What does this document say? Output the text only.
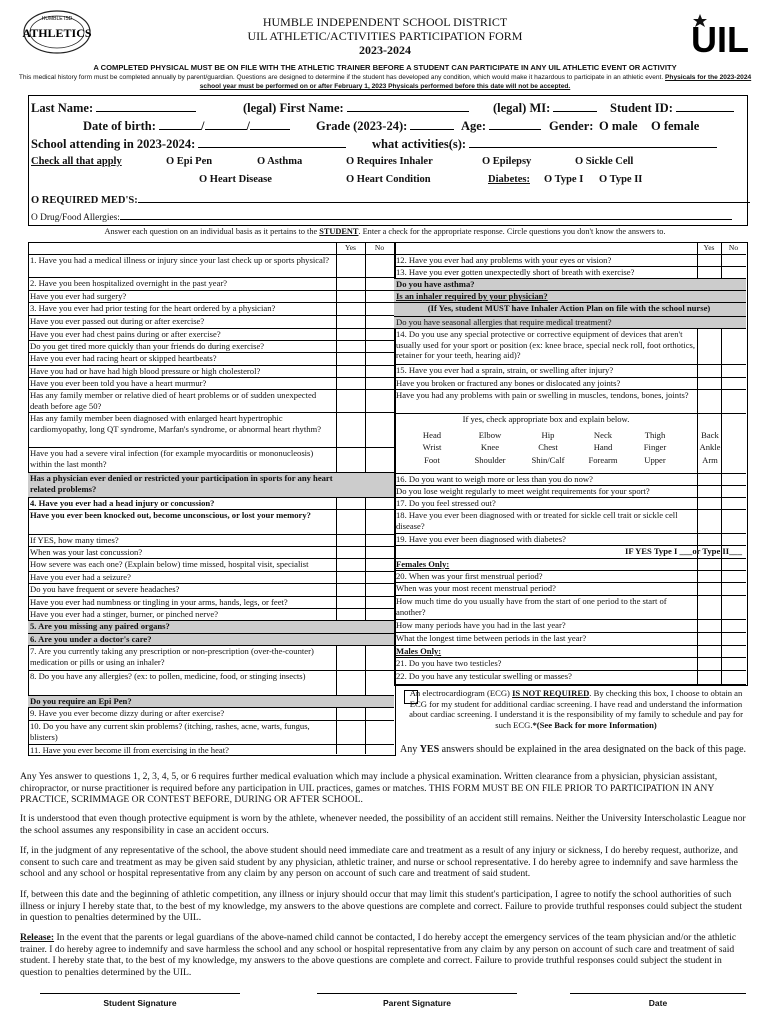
HUMBLE ISD
ATHLETICS	UIL
HUMBLE INDEPENDENT SCHOOL DISTRICT
UIL ATHLETIC/ACTIVITIES PARTICIPATION FORM
2023-2024
A COMPLETED PHYSICAL MUST BE ON FILE WITH THE ATHLETIC TRAINER BEFORE A STUDENT CAN PARTICIPATE IN ANY UIL ATHLETIC EVENT OR ACTIVITY
This medical history form must be completed annually by parent/guardian. Questions are designed to determine if the student has developed any condition, which would make it hazardous to participate in an athletic event. Physicals for the 2023-2024 school year must be performed on or after February 1, 2023 Physicals performed before this date will not be accepted.
Last Name:	(legal) First Name:	(legal) MI:	Student ID:
Date of birth:	/	/	Grade (2023-24):	Age:	Gender: O male O female
School attending in 2023-2024:	what activities(s):
Check all that apply	O Epi Pen	O Asthma	O Requires Inhaler	O Epilepsy	O Sickle Cell
O Heart Disease	O Heart Condition	Diabetes: O Type I O Type II
O REQUIRED MED'S:
O Drug/Food Allergies:
Answer each question on an individual basis as it pertains to the STUDENT. Enter a check for the appropriate response. Circle questions you don't know the answers to.
Yes	No
1. Have you had a medical illness or injury since your last check up or sports physical?
2. Have you been hospitalized overnight in the past year?
Have you ever had surgery?
3. Have you ever had prior testing for the heart ordered by a physician?
Have you ever passed out during or after exercise?
Have you ever had chest pains during or after exercise?
Do you get tired more quickly than your friends do during exercise?
Have you ever had racing heart or skipped heartbeats?
Have you had or have had high blood pressure or high cholesterol?
Have you ever been told you have a heart murmur?
Has any family member or relative died of heart problems or of sudden unexpected death before age 50?
Has any family member been diagnosed with enlarged heart hypertrophic cardiomyopathy, long QT syndrome, Marfan's syndrome, or abnormal heart rhythm?
Have you had a severe viral infection (for example myocarditis or mononucleosis) within the last month?
Has a physician ever denied or restricted your participation in sports for any heart related problems?
4. Have you ever had a head injury or concussion?
Have you ever been knocked out, become unconscious, or lost your memory?
If YES, how many times?
When was your last concussion?
How severe was each one? (Explain below) time missed, hospital visit, specialist
Have you ever had a seizure?
Do you have frequent or severe headaches?
Have you ever had numbness or tingling in your arms, hands, legs, or feet?
Have you ever had a stinger, burner, or pinched nerve?
5. Are you missing any paired organs?
6. Are you under a doctor's care?
7. Are you currently taking any prescription or non-prescription (over-the-counter) medication or pills or using an inhaler?
8. Do you have any allergies? (ex: to pollen, medicine, food, or stinging insects)
Do you require an Epi Pen?
9. Have you ever become dizzy during or after exercise?
10. Do you have any current skin problems? (itching, rashes, acne, warts, fungus, blisters)
11. Have you ever become ill from exercising in the heat?
Yes	No
12. Have you ever had any problems with your eyes or vision?
13. Have you ever gotten unexpectedly short of breath with exercise?
Do you have asthma?
Is an inhaler required by your physician?
(If Yes, student MUST have Inhaler Action Plan on file with the school nurse)
Do you have seasonal allergies that require medical treatment?
14. Do you use any special protective or corrective equipment of devices that aren't usually used for your sport or position (ex: knee brace, special neck roll, foot orthotics, retainer for your teeth, hearing aid)?
15. Have you ever had a sprain, strain, or swelling after injury?
Have you broken or fractured any bones or dislocated any joints?
Have you had any problems with pain or swelling in muscles, tendons, bones, joints?
If yes, check appropriate box and explain below.
16. Do you want to weigh more or less than you do now?
Do you lose weight regularly to meet weight requirements for your sport?
17. Do you feel stressed out?
18. Have you ever been diagnosed with or treated for sickle cell trait or sickle cell disease?
19. Have you ever been diagnosed with diabetes?
IF YES Type I ___or Type II___
Females Only:
20. When was your first menstrual period?
When was your most recent menstrual period?
How much time do you usually have from the start of one period to the start of another?
How many periods have you had in the last year?
What the longest time between periods in the last year?
Males Only:
21. Do you have two testicles?
22. Do you have any testicular swelling or masses?
Head	Elbow	Hip	Neck	Thigh	Back
Wrist	Knee	Chest	Hand	Finger	Ankle
Foot	Shoulder	Shin/Calf	Forearm	Upper	Arm
An electrocardiogram (ECG) IS NOT REQUIRED. By checking this box, I choose to obtain an ECG for my student for additional cardiac screening. I have read and understand the information about cardiac screening. I understand it is the responsibility of my family to schedule and pay for such ECG.*(See Back for more Information)
Any YES answers should be explained in the area designated on the back of this page.
Any Yes answer to questions 1, 2, 3, 4, 5, or 6 requires further medical evaluation which may include a physical examination. Written clearance from a physician, physician assistant, chiropractor, or nurse practitioner is required before any participation in UIL practices, games or matches. THIS FORM MUST BE ON FILE PRIOR TO PARTICIPATION IN ANY PRACTICE, SCRIMMAGE OR CONTEST BEFORE, DURING OR AFTER SCHOOL.
It is understood that even though protective equipment is worn by the athlete, whenever needed, the possibility of an accident still remains. Neither the University Interscholastic League nor the school assumes any responsibility in case an accident occurs.
If, in the judgment of any representative of the school, the above student should need immediate care and treatment as a result of any injury or sickness, I do hereby request, authorize, and consent to such care and treatment as may be given said student by any physician, athletic trainer, and nurse or school representative. I do hereby agree to indemnify and save harmless the school and any school or hospital representative from any claim by any person on account of such care and treatment of said student.
If, between this date and the beginning of athletic competition, any illness or injury should occur that may limit this student's participation, I agree to notify the school authorities of such illness or injury I hereby state that, to the best of my knowledge, my answers to the above questions are complete and correct. Failure to provide truthful responses could subject the student in question to penalties determined by the UIL.
Release: In the event that the parents or legal guardians of the above-named child cannot be contacted, I do hereby accept the emergency services of the team physician and/or the athletic trainer. I do hereby agree to indemnify and save harmless the school and any school or hospital representative from any claim by any person on account of such care and treatment of said student. I hereby state that, to the best of my knowledge, my answers to the above questions are complete and correct. Failure to provide truthful responses could subject the student in question to penalties determined by the UIL.
Student Signature	Parent Signature	Date
